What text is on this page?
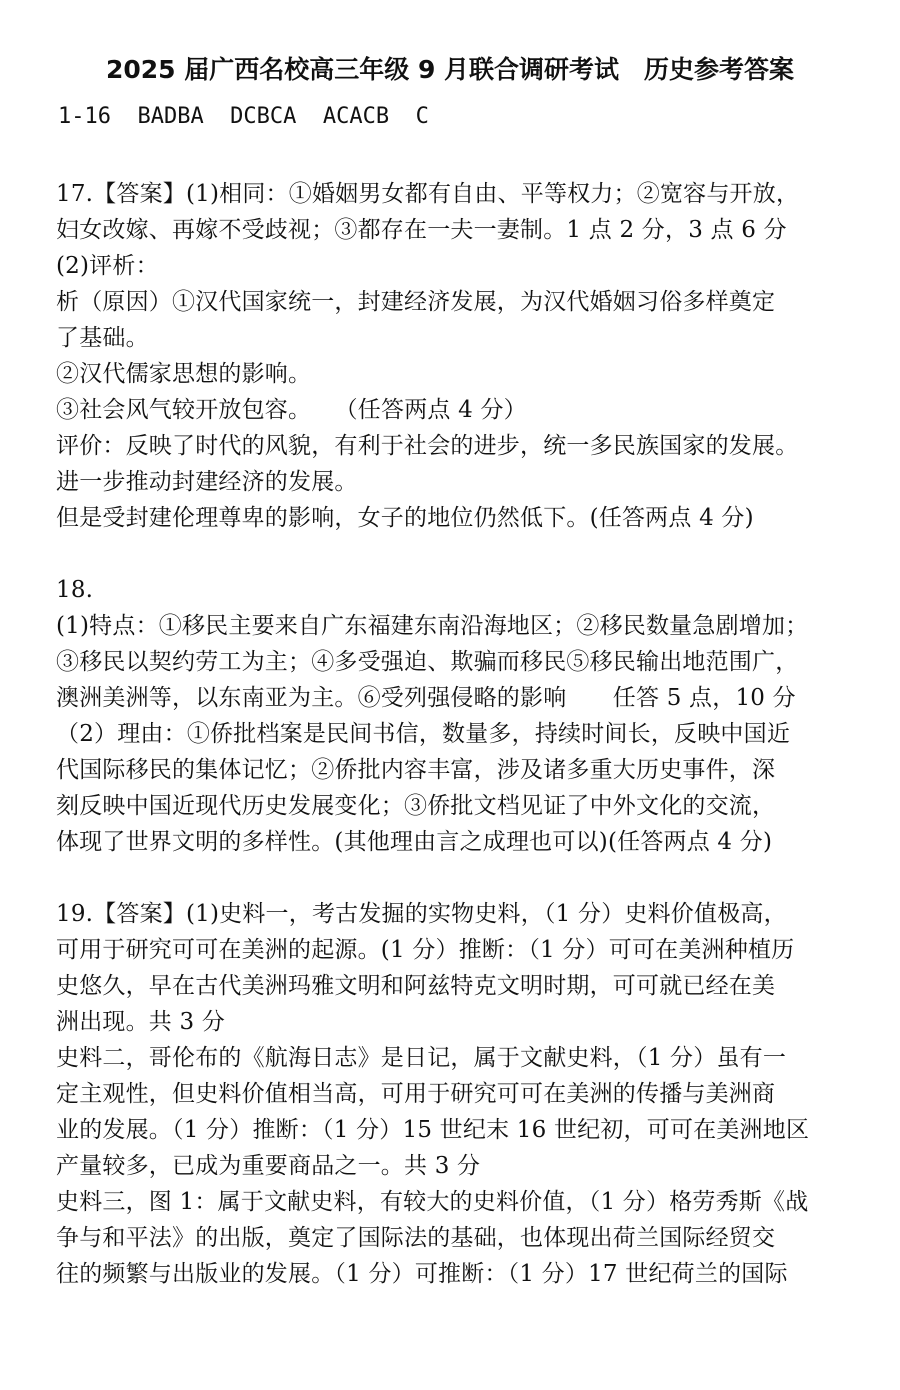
2025 届广西名校高三年级 9 月联合调研考试　历史参考答案
1-16  BADBA  DCBCA  ACACB  C
17.【答案】(1)相同：①婚姻男女都有自由、平等权力；②宽容与开放，
妇女改嫁、再嫁不受歧视；③都存在一夫一妻制。1 点 2 分，3 点 6 分
(2)评析：
析（原因）①汉代国家统一，封建经济发展，为汉代婚姻习俗多样奠定
了基础。
②汉代儒家思想的影响。
③社会风气较开放包容。　　（任答两点 4 分）
评价：反映了时代的风貌，有利于社会的进步，统一多民族国家的发展。
进一步推动封建经济的发展。
但是受封建伦理尊卑的影响，女子的地位仍然低下。(任答两点 4 分)
18.
(1)特点：①移民主要来自广东福建东南沿海地区；②移民数量急剧增加；
③移民以契约劳工为主；④多受强迫、欺骗而移民⑤移民输出地范围广，
澳洲美洲等，以东南亚为主。⑥受列强侵略的影响　　任答 5 点，10 分
（2）理由：①侨批档案是民间书信，数量多，持续时间长，反映中国近
代国际移民的集体记忆；②侨批内容丰富，涉及诸多重大历史事件，深
刻反映中国近现代历史发展变化；③侨批文档见证了中外文化的交流，
体现了世界文明的多样性。(其他理由言之成理也可以)(任答两点 4 分)
19.【答案】(1)史料一，考古发掘的实物史料，（1 分）史料价值极高，
可用于研究可可在美洲的起源。(1 分）推断：（1 分）可可在美洲种植历
史悠久，早在古代美洲玛雅文明和阿兹特克文明时期，可可就已经在美
洲出现。共 3 分
史料二，哥伦布的《航海日志》是日记，属于文献史料，（1 分）虽有一
定主观性，但史料价值相当高，可用于研究可可在美洲的传播与美洲商
业的发展。（1 分）推断：（1 分）15 世纪末 16 世纪初，可可在美洲地区
产量较多，已成为重要商品之一。共 3 分
史料三，图 1：属于文献史料，有较大的史料价值，（1 分）格劳秀斯《战
争与和平法》的出版，奠定了国际法的基础，也体现出荷兰国际经贸交
往的频繁与出版业的发展。（1 分）可推断：（1 分）17 世纪荷兰的国际
